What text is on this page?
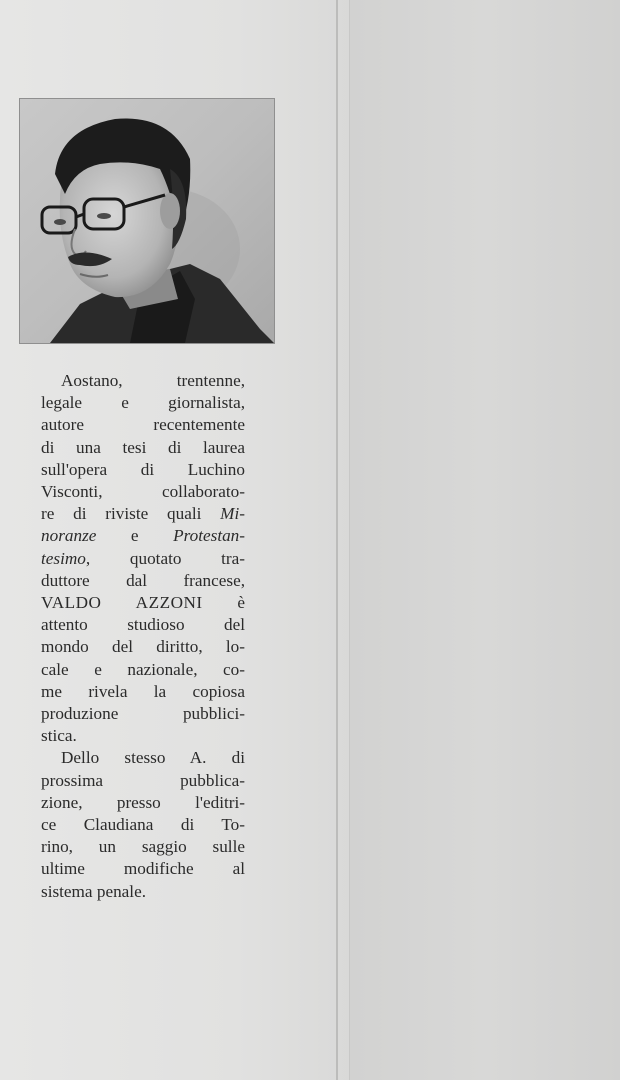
Aostano, trentenne,
legale e giornalista,
autore recentemente
di una tesi di laurea
sull'opera di Luchino
Visconti, collaborato-
re di riviste quali Mi-
noranze e Protestan-
tesimo, quotato tra-
duttore dal francese,
VALDO AZZONI è
attento studioso del
mondo del diritto, lo-
cale e nazionale, co-
me rivela la copiosa
produzione pubblici-
stica.

Dello stesso A. di
prossima pubblica-
zione, presso l'editri-
ce Claudiana di To-
rino, un saggio sulle
ultime modifiche al
sistema penale.
